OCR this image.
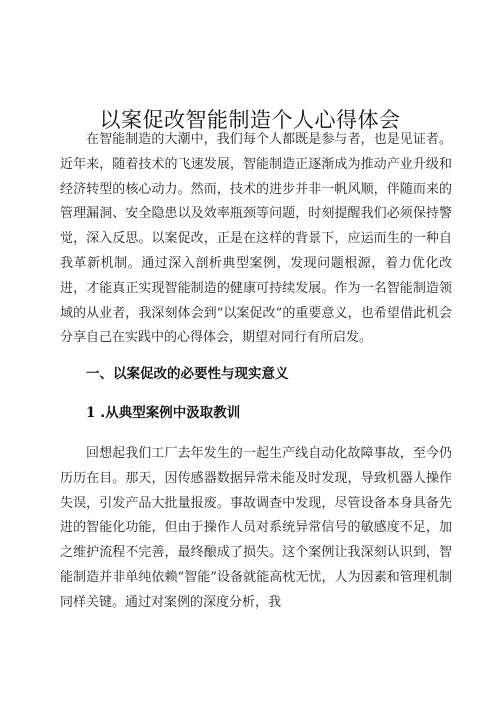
以案促改智能制造个人心得体会

在智能制造的大潮中，我们每个人都既是参与者，也是见证者。近年来，随着技术的飞速发展，智能制造正逐渐成为推动产业升级和经济转型的核心动力。然而，技术的进步并非一帆风顺，伴随而来的管理漏洞、安全隐患以及效率瓶颈等问题，时刻提醒我们必须保持警觉，深入反思。以案促改，正是在这样的背景下，应运而生的一种自我革新机制。通过深入剖析典型案例，发现问题根源，着力优化改进，才能真正实现智能制造的健康可持续发展。作为一名智能制造领域的从业者，我深刻体会到“以案促改”的重要意义，也希望借此机会分享自己在实践中的心得体会，期望对同行有所启发。

一、以案促改的必要性与现实意义
1 .从典型案例中汲取教训

回想起我们工厂去年发生的一起生产线自动化故障事故，至今仍历历在目。那天，因传感器数据异常未能及时发现，导致机器人操作失误，引发产品大批量报废。事故调查中发现，尽管设备本身具备先进的智能化功能，但由于操作人员对系统异常信号的敏感度不足，加之维护流程不完善，最终酿成了损失。这个案例让我深刻认识到，智能制造并非单纯依赖“智能”设备就能高枕无忧，人为因素和管理机制同样关键。通过对案例的深度分析，我
